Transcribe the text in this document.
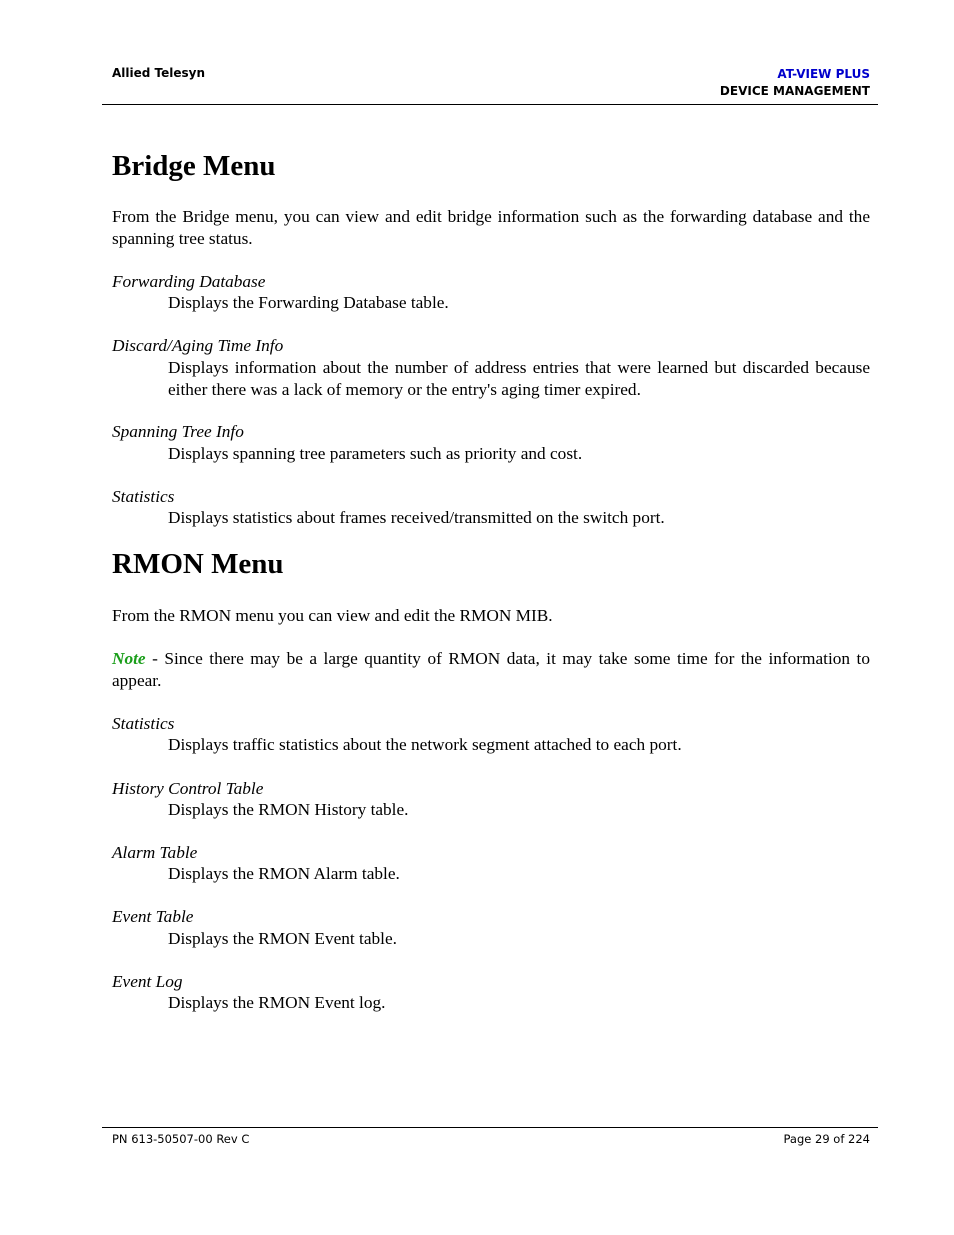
Allied Telesyn	AT-VIEW PLUS
DEVICE MANAGEMENT
Bridge Menu

From the Bridge menu, you can view and edit bridge information such as the forwarding database and the spanning tree status.

Forwarding Database

Displays the Forwarding Database table.

Discard/Aging Time Info

Displays information about the number of address entries that were learned but discarded because either there was a lack of memory or the entry's aging timer expired.

Spanning Tree Info

Displays spanning tree parameters such as priority and cost.

Statistics

Displays statistics about frames received/transmitted on the switch port.

RMON Menu

From the RMON menu you can view and edit the RMON MIB.

Note - Since there may be a large quantity of RMON data, it may take some time for the information to appear.

Statistics

Displays traffic statistics about the network segment attached to each port.

History Control Table

Displays the RMON History table.

Alarm Table

Displays the RMON Alarm table.

Event Table

Displays the RMON Event table.

Event Log

Displays the RMON Event log.

PN 613-50507-00 Rev C	Page 29 of 224
